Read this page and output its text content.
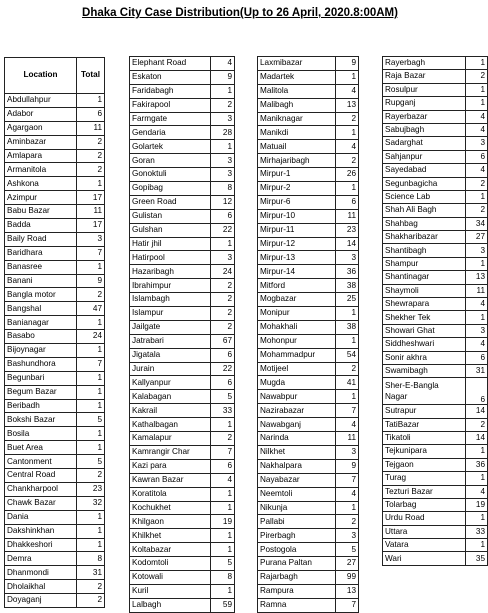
Dhaka City Case Distribution(Up to 26 April, 2020.8:00AM)
Location	Total
Abdullahpur	1
Adabor	6
Agargaon	11
Aminbazar	2
Amlapara	2
Armanitola	2
Ashkona	1
Azimpur	17
Babu Bazar	11
Badda	17
Baily Road	3
Baridhara	7
Banasree	1
Banani	9
Bangla motor	2
Bangshal	47
Banianagar	1
Basabo	24
Bijoynagar	1
Bashundhora	7
Begunbari	1
Begum Bazar	1
Beribadh	1
Bokshi Bazar	5
Bosila	1
Buet Area	1
Cantonment	5
Central Road	2
Chankharpool	23
Chawk Bazar	32
Dania	1
Dakshinkhan	1
Dhakkeshori	1
Demra	8
Dhanmondi	31
Dholaikhal	2
Doyaganj	2
Elephant Road	4
Eskaton	9
Faridabagh	1
Fakirapool	2
Farmgate	3
Gendaria	28
Golartek	1
Goran	3
Gonoktuli	3
Gopibag	8
Green Road	12
Gulistan	6
Gulshan	22
Hatir jhil	1
Hatirpool	3
Hazaribagh	24
Ibrahimpur	2
Islambagh	2
Islampur	2
Jailgate	2
Jatrabari	67
Jigatala	6
Jurain	22
Kallyanpur	6
Kalabagan	5
Kakrail	33
Kathalbagan	1
Kamalapur	2
Kamrangir Char	7
Kazi para	6
Kawran Bazar	4
Koratitola	1
Kochukhet	1
Khilgaon	19
Khilkhet	1
Koltabazar	1
Kodomtoli	5
Kotowali	8
Kuril	1
Lalbagh	59
Laxmibazar	9
Madartek	1
Malitola	4
Malibagh	13
Maniknagar	2
Manikdi	1
Matuail	4
Mirhajaribagh	2
Mirpur-1	26
Mirpur-2	1
Mirpur-6	6
Mirpur-10	11
Mirpur-11	23
Mirpur-12	14
Mirpur-13	3
Mirpur-14	36
Mitford	38
Mogbazar	25
Monipur	1
Mohakhali	38
Mohonpur	1
Mohammadpur	54
Motijeel	2
Mugda	41
Nawabpur	1
Nazirabazar	7
Nawabganj	4
Narinda	11
Nilkhet	3
Nakhalpara	9
Nayabazar	7
Neemtoli	4
Nikunja	1
Pallabi	2
Pirerbagh	3
Postogola	5
Purana Paltan	27
Rajarbagh	99
Rampura	13
Ramna	7
Rayerbagh	1
Raja Bazar	2
Rosulpur	1
Rupganj	1
Rayerbazar	4
Sabujbagh	4
Sadarghat	3
Sahjanpur	6
Sayedabad	4
Segunbagicha	2
Science Lab	1
Shah Ali Bagh	2
Shahbag	34
Shakharibazar	27
Shantibagh	3
Shampur	1
Shantinagar	13
Shaymoli	11
Shewrapara	4
Shekher Tek	1
Showari Ghat	3
Siddheshwari	4
Sonir akhra	6
Swamibagh	31
Sher-E-Bangla Nagar	6
Sutrapur	14
TatiBazar	2
Tikatoli	14
Tejkunipara	1
Tejgaon	36
Turag	1
Tezturi Bazar	4
Tolarbag	19
Urdu Road	1
Uttara	33
Vatara	1
Wari	35
